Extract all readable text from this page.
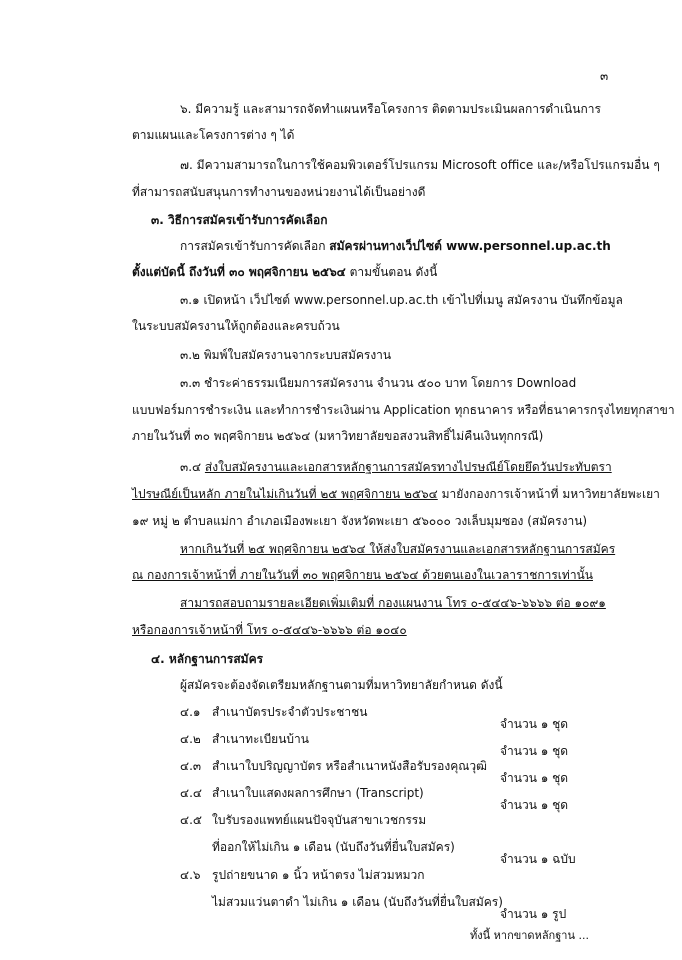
๓

๖. มีความรู้ และสามารถจัดทำแผนหรือโครงการ ติดตามประเมินผลการดำเนินการ

ตามแผนและโครงการต่าง ๆ ได้

๗. มีความสามารถในการใช้คอมพิวเตอร์โปรแกรม Microsoft office และ/หรือโปรแกรมอื่น ๆ

ที่สามารถสนับสนุนการทำงานของหน่วยงานได้เป็นอย่างดี

๓. วิธีการสมัครเข้ารับการคัดเลือก

การสมัครเข้ารับการคัดเลือก สมัครผ่านทางเว็ปไซต์ www.personnel.up.ac.th

ตั้งแต่บัดนี้ ถึงวันที่ ๓๐ พฤศจิกายน ๒๕๖๔ ตามขั้นตอน ดังนี้

๓.๑ เปิดหน้า เว็ปไซต์ www.personnel.up.ac.th เข้าไปที่เมนู สมัครงาน บันทึกข้อมูล

ในระบบสมัครงานให้ถูกต้องและครบถ้วน

๓.๒ พิมพ์ใบสมัครงานจากระบบสมัครงาน

๓.๓ ชำระค่าธรรมเนียมการสมัครงาน จำนวน ๕๐๐ บาท โดยการ Download

แบบฟอร์มการชำระเงิน และทำการชำระเงินผ่าน Application ทุกธนาคาร หรือที่ธนาคารกรุงไทยทุกสาขา

ภายในวันที่ ๓๐ พฤศจิกายน ๒๕๖๔ (มหาวิทยาลัยขอสงวนสิทธิ์ไม่คืนเงินทุกกรณี)

๓.๔ ส่งใบสมัครงานและเอกสารหลักฐานการสมัครทางไปรษณีย์โดยยึดวันประทับตรา

ไปรษณีย์เป็นหลัก ภายในไม่เกินวันที่ ๒๕ พฤศจิกายน ๒๕๖๔ มายังกองการเจ้าหน้าที่ มหาวิทยาลัยพะเยา

๑๙ หมู่ ๒ ตำบลแม่กา อำเภอเมืองพะเยา จังหวัดพะเยา ๕๖๐๐๐ วงเล็บมุมซอง (สมัครงาน)

หากเกินวันที่ ๒๕ พฤศจิกายน ๒๕๖๔ ให้ส่งใบสมัครงานและเอกสารหลักฐานการสมัคร

ณ กองการเจ้าหน้าที่ ภายในวันที่ ๓๐ พฤศจิกายน ๒๕๖๔ ด้วยตนเองในเวลาราชการเท่านั้น

สามารถสอบถามรายละเอียดเพิ่มเติมที่ กองแผนงาน โทร ๐-๕๔๔๖-๖๖๖๖ ต่อ ๑๐๙๑

หรือกองการเจ้าหน้าที่ โทร ๐-๕๔๔๖-๖๖๖๖ ต่อ ๑๐๔๐

๔. หลักฐานการสมัคร

ผู้สมัครจะต้องจัดเตรียมหลักฐานตามที่มหาวิทยาลัยกำหนด ดังนี้

๔.๑ สำเนาบัตรประจำตัวประชาชน

จำนวน ๑ ชุด

๔.๒ สำเนาทะเบียนบ้าน

จำนวน ๑ ชุด

๔.๓ สำเนาใบปริญญาบัตร หรือสำเนาหนังสือรับรองคุณวุฒิ

จำนวน ๑ ชุด

๔.๔ สำเนาใบแสดงผลการศึกษา (Transcript)

จำนวน ๑ ชุด

๔.๕ ใบรับรองแพทย์แผนปัจจุบันสาขาเวชกรรม

ที่ออกให้ไม่เกิน ๑ เดือน (นับถึงวันที่ยื่นใบสมัคร)

จำนวน ๑ ฉบับ

๔.๖ รูปถ่ายขนาด ๑ นิ้ว หน้าตรง ไม่สวมหมวก

ไม่สวมแว่นตาดำ ไม่เกิน ๑ เดือน (นับถึงวันที่ยื่นใบสมัคร)

จำนวน ๑ รูป

ทั้งนี้ หากขาดหลักฐาน ...
